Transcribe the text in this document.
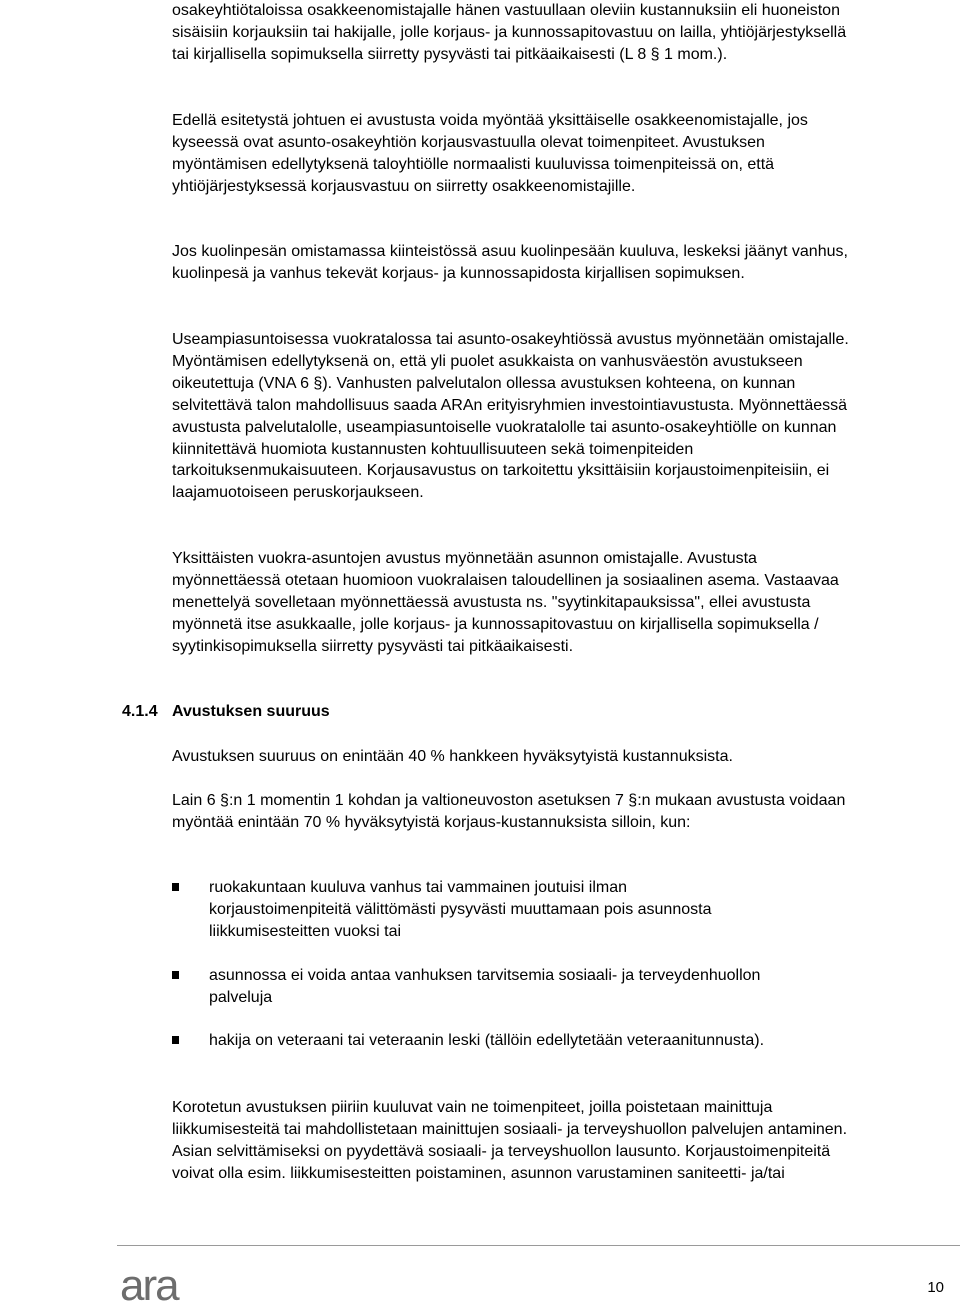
osakeyhtiötaloissa osakkeenomistajalle hänen vastuullaan oleviin kustannuksiin eli huoneiston sisäisiin korjauksiin tai hakijalle, jolle korjaus- ja kunnossapitovastuu on lailla, yhtiöjärjestyksellä tai kirjallisella sopimuksella siirretty pysyvästi tai pitkäaikaisesti (L 8 § 1 mom.).

Edellä esitetystä johtuen ei avustusta voida myöntää yksittäiselle osakkeenomistajalle, jos kyseessä ovat asunto-osakeyhtiön korjausvastuulla olevat toimenpiteet. Avustuksen myöntämisen edellytyksenä taloyhtiölle normaalisti kuuluvissa toimenpiteissä on, että yhtiöjärjestyksessä korjausvastuu on siirretty osakkeenomistajille.

Jos kuolinpesän omistamassa kiinteistössä asuu kuolinpesään kuuluva, leskeksi jäänyt vanhus, kuolinpesä ja vanhus tekevät korjaus- ja kunnossapidosta kirjallisen sopimuksen.

Useampiasuntoisessa vuokratalossa tai asunto-osakeyhtiössä avustus myönnetään omistajalle. Myöntämisen edellytyksenä on, että yli puolet asukkaista on vanhusväestön avustukseen oikeutettuja (VNA 6 §). Vanhusten palvelutalon ollessa avustuksen kohteena, on kunnan selvitettävä talon mahdollisuus saada ARAn erityisryhmien investointiavustusta. Myönnettäessä avustusta palvelutalolle, useampiasuntoiselle vuokratalolle tai asunto-osakeyhtiölle on kunnan kiinnitettävä huomiota kustannusten kohtuullisuuteen sekä toimenpiteiden tarkoituksenmukaisuuteen. Korjausavustus on tarkoitettu yksittäisiin korjaustoimenpiteisiin, ei laajamuotoiseen peruskorjaukseen.

Yksittäisten vuokra-asuntojen avustus myönnetään asunnon omistajalle. Avustusta myönnettäessä otetaan huomioon vuokralaisen taloudellinen ja sosiaalinen asema. Vastaavaa menettelyä sovelletaan myönnettäessä avustusta ns. "syytinkitapauksissa", ellei avustusta myönnetä itse asukkaalle, jolle korjaus- ja kunnossapitovastuu on kirjallisella sopimuksella / syytinkisopimuksella siirretty pysyvästi tai pitkäaikaisesti.

Avustuksen suuruus on enintään 40 % hankkeen hyväksytyistä kustannuksista.

Lain 6 §:n 1 momentin 1 kohdan ja valtioneuvoston asetuksen 7 §:n mukaan avustusta voidaan myöntää enintään 70 % hyväksytyistä korjaus-kustannuksista silloin, kun:

Korotetun avustuksen piiriin kuuluvat vain ne toimenpiteet, joilla poistetaan mainittuja liikkumisesteitä tai mahdollistetaan mainittujen sosiaali- ja terveyshuollon palvelujen antaminen. Asian selvittämiseksi on pyydettävä sosiaali- ja terveyshuollon lausunto. Korjaustoimenpiteitä voivat olla esim. liikkumisesteitten poistaminen, asunnon varustaminen saniteetti- ja/tai

4.1.4 Avustuksen suuruus
ruokakuntaan kuuluva vanhus tai vammainen joutuisi ilman korjaustoimenpiteitä välittömästi pysyvästi muuttamaan pois asunnosta liikkumisesteitten vuoksi tai
asunnossa ei voida antaa vanhuksen tarvitsemia sosiaali- ja terveydenhuollon palveluja
hakija on veteraani tai veteraanin leski (tällöin edellytetään veteraanitunnusta).
ara	10
